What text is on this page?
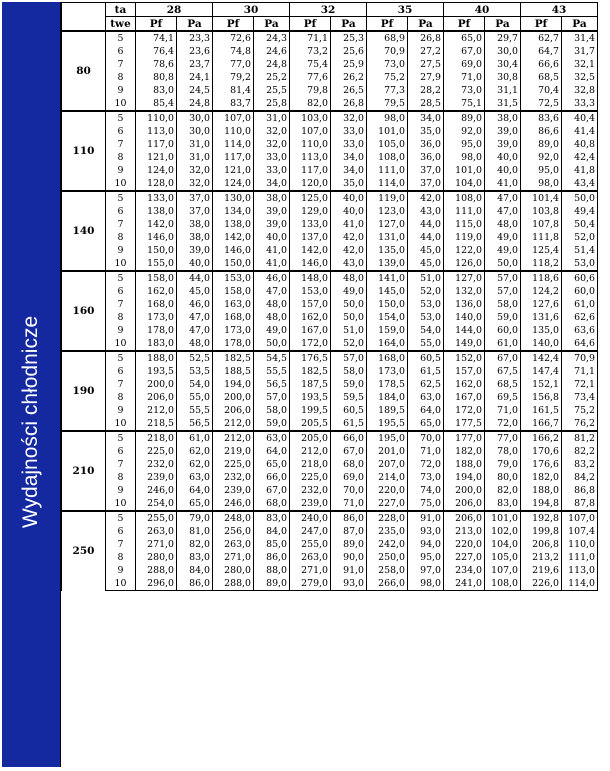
Wydajności chłodnicze
	ta	28		30		32		35		40		43	
	twe	Pf	Pa	Pf	Pa	Pf	Pa	Pf	Pa	Pf	Pa	Pf	Pa
80	5	74,1	23,3	72,6	24,3	71,1	25,3	68,9	26,8	65,0	29,7	62,7	31,4
	6	76,4	23,6	74,8	24,6	73,2	25,6	70,9	27,2	67,0	30,0	64,7	31,7
	7	78,6	23,7	77,0	24,8	75,4	25,9	73,0	27,5	69,0	30,4	66,6	32,1
	8	80,8	24,1	79,2	25,2	77,6	26,2	75,2	27,9	71,0	30,8	68,5	32,5
	9	83,0	24,5	81,4	25,5	79,8	26,5	77,3	28,2	73,0	31,1	70,4	32,8
	10	85,4	24,8	83,7	25,8	82,0	26,8	79,5	28,5	75,1	31,5	72,5	33,3
110	5	110,0	30,0	107,0	31,0	103,0	32,0	98,0	34,0	89,0	38,0	83,6	40,4
	6	113,0	30,0	110,0	32,0	107,0	33,0	101,0	35,0	92,0	39,0	86,6	41,4
	7	117,0	31,0	114,0	32,0	110,0	33,0	105,0	36,0	95,0	39,0	89,0	40,8
	8	121,0	31,0	117,0	33,0	113,0	34,0	108,0	36,0	98,0	40,0	92,0	42,4
	9	124,0	32,0	121,0	33,0	117,0	34,0	111,0	37,0	101,0	40,0	95,0	41,8
	10	128,0	32,0	124,0	34,0	120,0	35,0	114,0	37,0	104,0	41,0	98,0	43,4
140	5	133,0	37,0	130,0	38,0	125,0	40,0	119,0	42,0	108,0	47,0	101,4	50,0
	6	138,0	37,0	134,0	39,0	129,0	40,0	123,0	43,0	111,0	47,0	103,8	49,4
	7	142,0	38,0	138,0	39,0	133,0	41,0	127,0	44,0	115,0	48,0	107,8	50,4
	8	146,0	38,0	142,0	40,0	137,0	42,0	131,0	44,0	119,0	49,0	111,8	52,0
	9	150,0	39,0	146,0	41,0	142,0	42,0	135,0	45,0	122,0	49,0	125,4	51,4
	10	155,0	40,0	150,0	41,0	146,0	43,0	139,0	45,0	126,0	50,0	118,2	53,0
160	5	158,0	44,0	153,0	46,0	148,0	48,0	141,0	51,0	127,0	57,0	118,6	60,6
	6	162,0	45,0	158,0	47,0	153,0	49,0	145,0	52,0	132,0	57,0	124,2	60,0
	7	168,0	46,0	163,0	48,0	157,0	50,0	150,0	53,0	136,0	58,0	127,6	61,0
	8	173,0	47,0	168,0	48,0	162,0	50,0	154,0	53,0	140,0	59,0	131,6	62,6
	9	178,0	47,0	173,0	49,0	167,0	51,0	159,0	54,0	144,0	60,0	135,0	63,6
	10	183,0	48,0	178,0	50,0	172,0	52,0	164,0	55,0	149,0	61,0	140,0	64,6
190	5	188,0	52,5	182,5	54,5	176,5	57,0	168,0	60,5	152,0	67,0	142,4	70,9
	6	193,5	53,5	188,5	55,5	182,5	58,0	173,0	61,5	157,0	67,5	147,4	71,1
	7	200,0	54,0	194,0	56,5	187,5	59,0	178,5	62,5	162,0	68,5	152,1	72,1
	8	206,0	55,0	200,0	57,0	193,5	59,5	184,0	63,0	167,0	69,5	156,8	73,4
	9	212,0	55,5	206,0	58,0	199,5	60,5	189,5	64,0	172,0	71,0	161,5	75,2
	10	218,5	56,5	212,0	59,0	205,5	61,5	195,5	65,0	177,5	72,0	166,7	76,2
210	5	218,0	61,0	212,0	63,0	205,0	66,0	195,0	70,0	177,0	77,0	166,2	81,2
	6	225,0	62,0	219,0	64,0	212,0	67,0	201,0	71,0	182,0	78,0	170,6	82,2
	7	232,0	62,0	225,0	65,0	218,0	68,0	207,0	72,0	188,0	79,0	176,6	83,2
	8	239,0	63,0	232,0	66,0	225,0	69,0	214,0	73,0	194,0	80,0	182,0	84,2
	9	246,0	64,0	239,0	67,0	232,0	70,0	220,0	74,0	200,0	82,0	188,0	86,8
	10	254,0	65,0	246,0	68,0	239,0	71,0	227,0	75,0	206,0	83,0	194,8	87,8
250	5	255,0	79,0	248,0	83,0	240,0	86,0	228,0	91,0	206,0	101,0	192,8	107,0
	6	263,0	81,0	256,0	84,0	247,0	87,0	235,0	93,0	213,0	102,0	199,8	107,4
	7	271,0	82,0	263,0	85,0	255,0	89,0	242,0	94,0	220,0	104,0	206,8	110,0
	8	280,0	83,0	271,0	86,0	263,0	90,0	250,0	95,0	227,0	105,0	213,2	111,0
	9	288,0	84,0	280,0	88,0	271,0	91,0	258,0	97,0	234,0	107,0	219,6	113,0
	10	296,0	86,0	288,0	89,0	279,0	93,0	266,0	98,0	241,0	108,0	226,0	114,0
